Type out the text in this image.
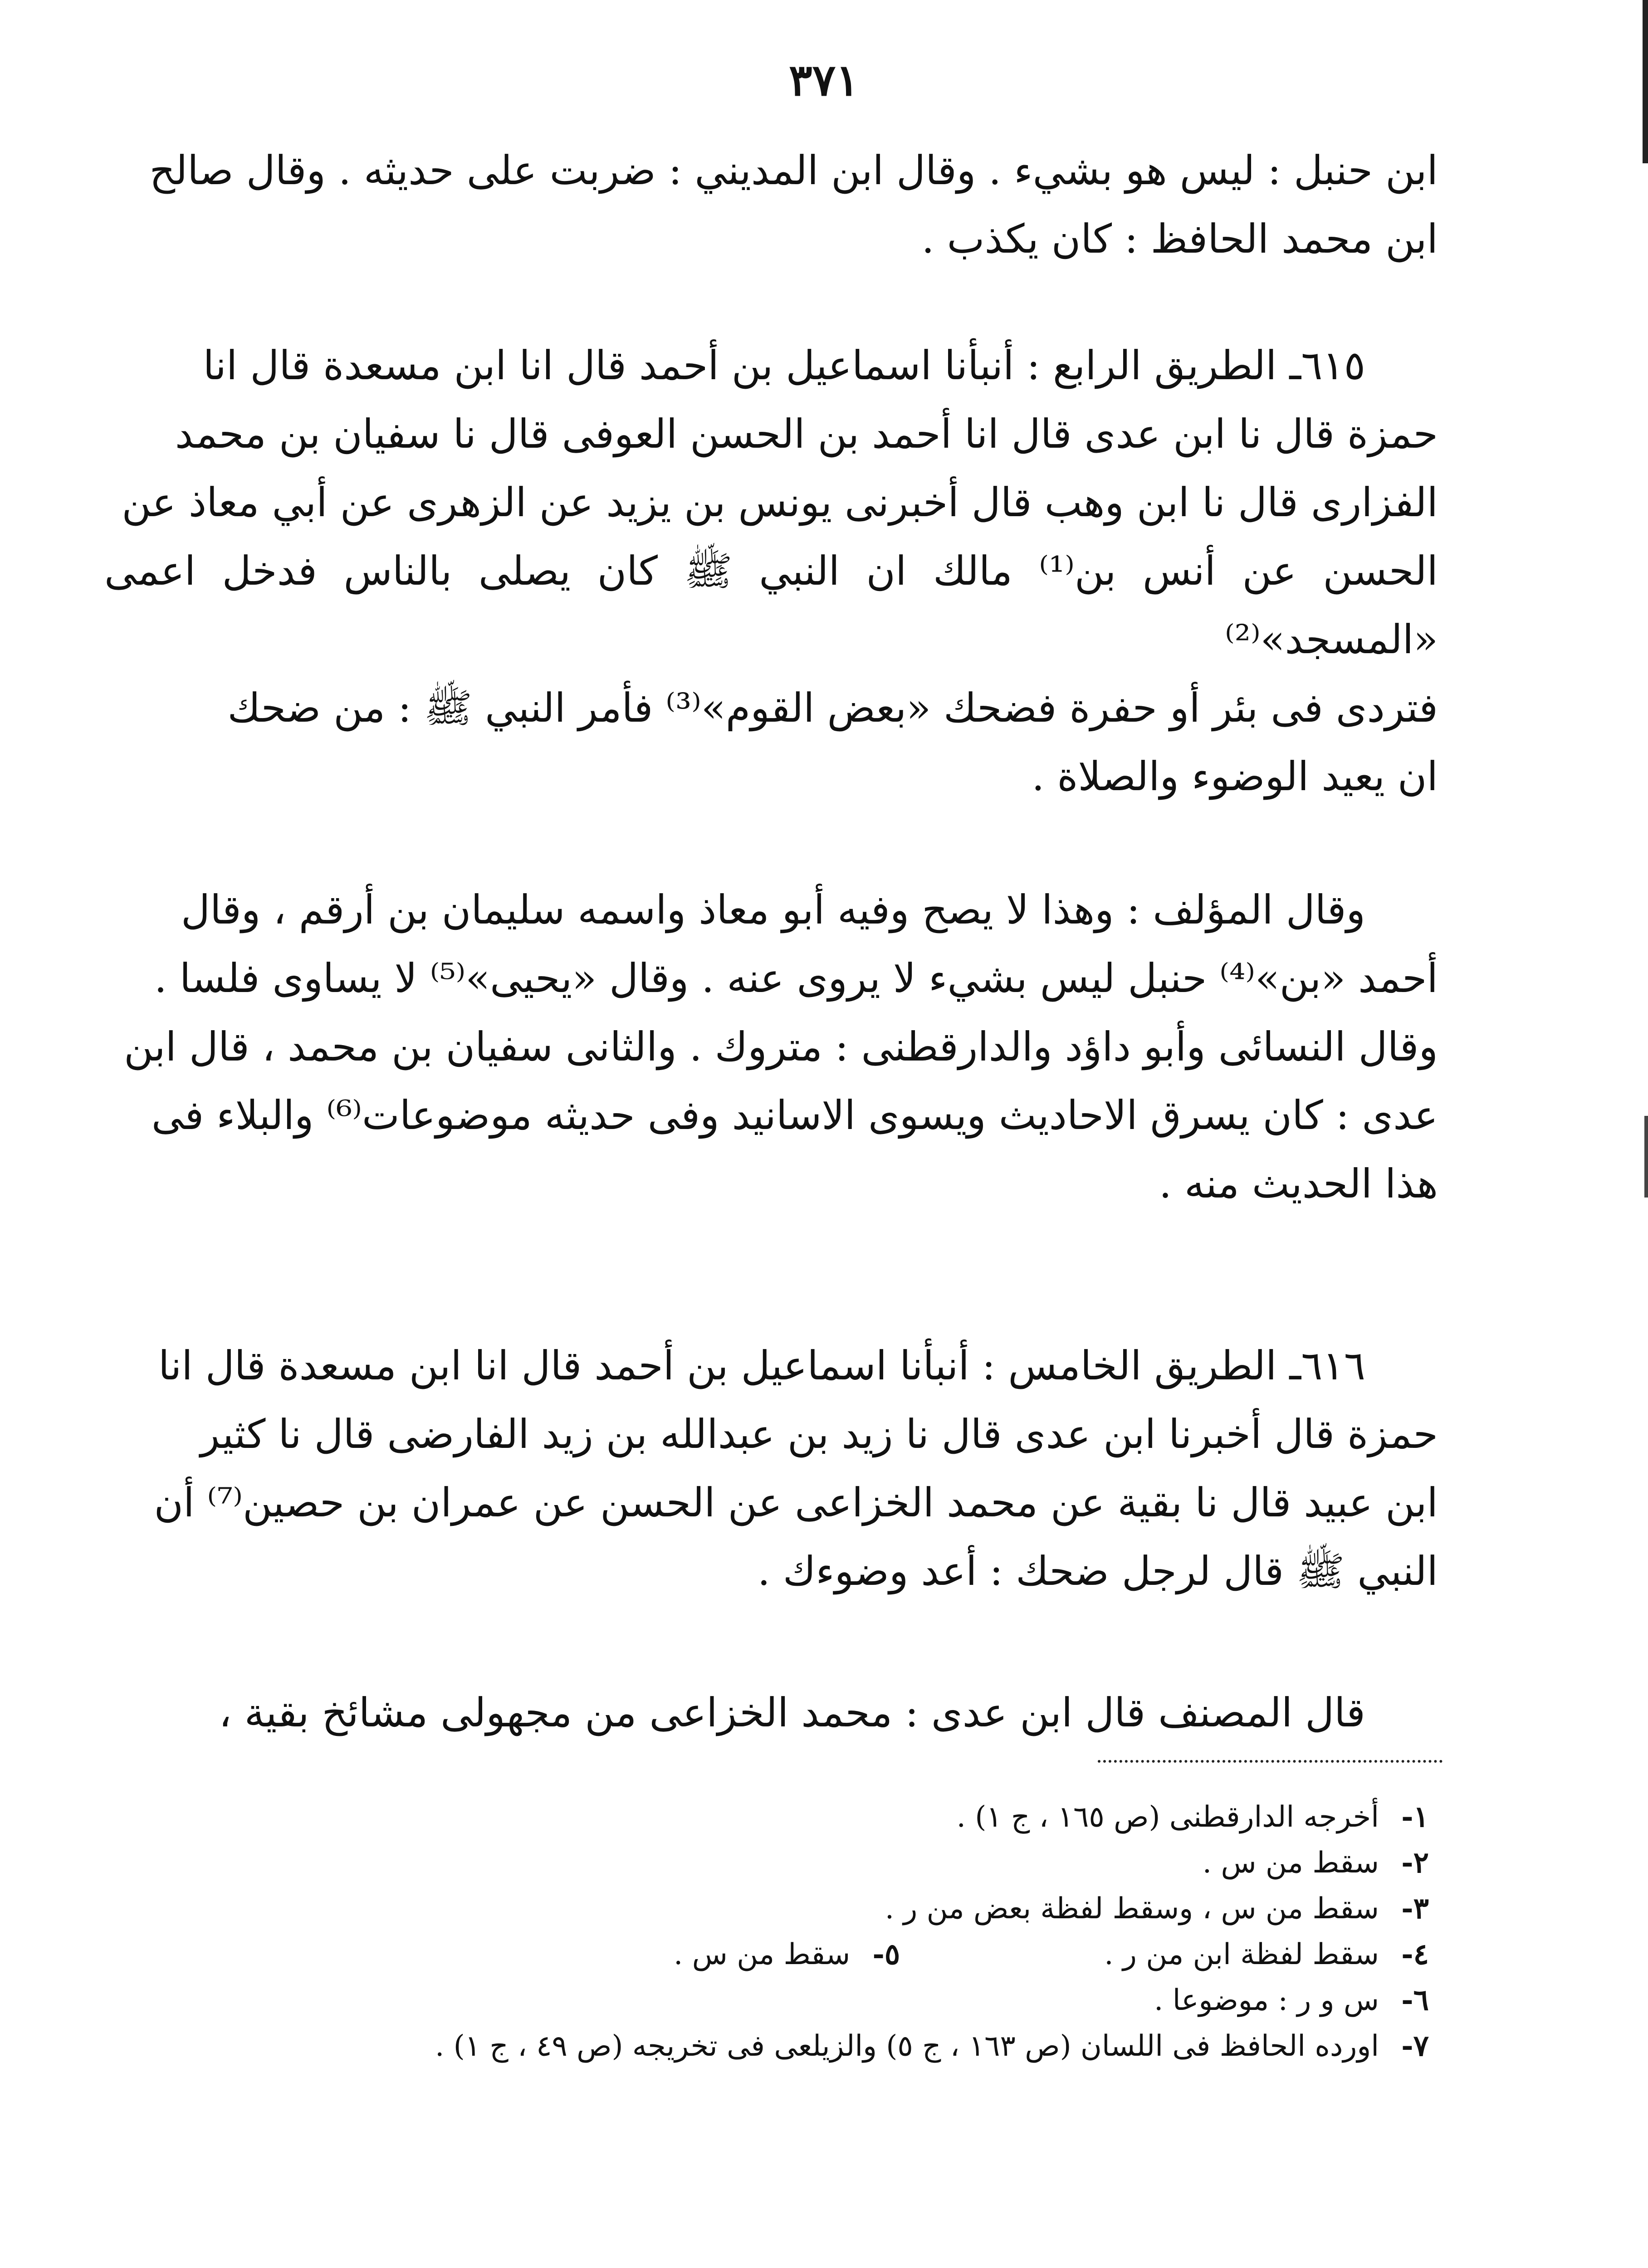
٣٧١

ابن حنبل : ليس هو بشيء . وقال ابن المديني : ضربت على حديثه . وقال صالح

ابن محمد الحافظ : كان يكذب .

٦١٥ـ الطريق الرابع : أنبأنا اسماعيل بن أحمد قال انا ابن مسعدة قال انا

حمزة قال نا ابن عدى قال انا أحمد بن الحسن العوفى قال نا سفيان بن محمد

الفزارى قال نا ابن وهب قال أخبرنى يونس بن يزيد عن الزهرى عن أبي معاذ عن

الحسن عن أنس بن⁽¹⁾ مالك ان النبي ﷺ كان يصلى بالناس فدخل اعمى «المسجد»⁽²⁾

فتردى فى بئر أو حفرة فضحك «بعض القوم»⁽³⁾ فأمر النبي ﷺ : من ضحك

ان يعيد الوضوء والصلاة .

وقال المؤلف : وهذا لا يصح وفيه أبو معاذ واسمه سليمان بن أرقم ، وقال

أحمد «بن»⁽⁴⁾ حنبل ليس بشيء لا يروى عنه . وقال «يحيى»⁽⁵⁾ لا يساوى فلسا .

وقال النسائى وأبو داؤد والدارقطنى : متروك . والثانى سفيان بن محمد ، قال ابن

عدى : كان يسرق الاحاديث ويسوى الاسانيد وفى حديثه موضوعات⁽⁶⁾ والبلاء فى

هذا الحديث منه .

٦١٦ـ الطريق الخامس : أنبأنا اسماعيل بن أحمد قال انا ابن مسعدة قال انا

حمزة قال أخبرنا ابن عدى قال نا زيد بن عبدالله بن زيد الفارضى قال نا كثير

ابن عبيد قال نا بقية عن محمد الخزاعى عن الحسن عن عمران بن حصين⁽⁷⁾ أن

النبي ﷺ قال لرجل ضحك : أعد وضوءك .

قال المصنف قال ابن عدى : محمد الخزاعى من مجهولى مشائخ بقية ،

١-
أخرجه الدارقطنى (ص ١٦٥ ، ج ١) .
٢-
سقط من س .
٣-
سقط من س ، وسقط لفظة بعض من ر .
٤-
سقط لفظة ابن من ر .
٥-
سقط من س .
٦-
س و ر : موضوعا .
٧-
اورده الحافظ فى اللسان (ص ١٦٣ ، ج ٥) والزيلعى فى تخريجه (ص ٤٩ ، ج ١) .
